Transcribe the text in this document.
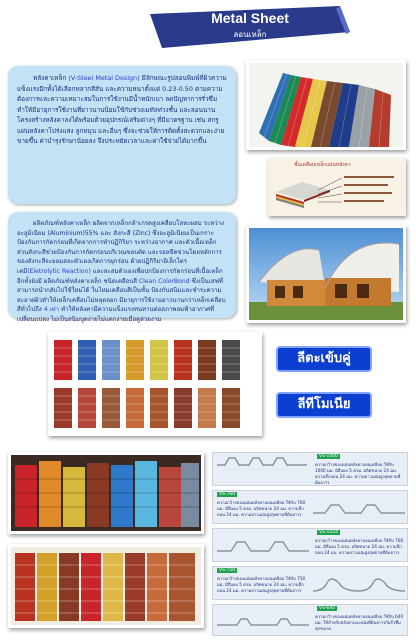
Metal Sheet
ลอนเหล็ก
หลังคาเหล็ก (V-Steel Metal Design) มีลักษณะรูปลอนพิมพ์ที่ผิวความแข็งแรงอีกทั้งได้เลือกหลากสีสัน และความหนาตั้งแต่ 0.23-0.50 ตามความต้องการและความเหมาะสมในการใช้งานมีน้ำหนักเบา ลดปัญหาการรั่วซึม ทำให้มีอายุการใช้งานที่ยาวนานนิยมใช้กับช่วงเมทัลท่วงชั้น และลอนนานโครงสร้างหลังคาลงได้พร้อมด้วยอุปกรณ์เสริมต่างๆ ที่มีมาตรฐาน เช่น สกรู แผ่นหลังคาโปร่งแสง ลูกหมุน และอื่นๆ ซึ่งจะช่วยให้การติดตั้งสะดวกและง่ายขายขึ้น ค่าบำรุงรักษาน้อยลง จึงประหยัดเวลาและค่าใช้จ่ายได้มากขึ้น
ชั้นเคลือบเหล็กแผ่นหลังคา
ผลิตภัณฑ์หลังคาเหล็ก ผลิตจากเหล็กกล้าเกรดสูงเคลือบโลหะผสม ระหว่าง อะลูมิเนียม (Aluminium)55% และ สังกะสี (Zinc) ซึ่งอะลูมิเนียมเป็นเกราะป้องกันการกัดกร่อนที่เกิดจากการทำปฏิกิริยา ระหว่างอากาศ และตัวเนื้อเหล็กส่วนสังกะสีช่วยป้องกันการกัดกร่อนบริเวณขอบตัด และรอยขีดข่วนโดยหลักการของสังกะสีจะยอมสละตัวเองเกิดการผุกร่อน ด้วยปฏิกิริยาอิเล็กโตรเคมี(Eletrolytic Reaction) และสะสมตัวเองเพื่อปกป้องการกัดกร่อนที่เนื้อเหล็กอีกทั้งยังมี ผลิตภัณฑ์หลังคาเหล็ก ชนิดเคลือบสี Clean ColorBond ซึ่งเป็นเสฟที่สามารถนำกลับไปใช้ใหม่ได้ ในไหมเคลือบสีเป็นชั้น ป้องกันสนิมและชำระความสะอาดผิวทำให้เหล็กเคลือบไม่หลุดลอก มีอายุการใช้งานยาวนานกว่าเหล็กเคลือบสีทั่วไปถึง 4 เท่า ทำให้หลังคามีความแข็งแรงทนทานต่อสภาพลมฟ้าอากาศที่เปลี่ยนแปลง ไม่เป็นสนิมบูดง่ายไม่แตกง่ายเมื่อดูสวยงาม
ลีตะเข้บคู่
ลีทีโมเนีย
VS-1000
ความกว้างของแผ่นหลังคาลอนเคลือบ ใช้กับ 1000 มม. มีสีแดง 5 ตรม. ผลิตขนาด 24 มม. ความลึกลอน 24 มม. ความยาวแผ่นสูงสุดตามที่ต้องการ
VS-760
ความกว้างของแผ่นหลังคาลอนเคลือบ ใช้กับ 760 มม. มีสีแดง 5 ตรม. ผลิตขนาด 24 มม. ความลึกลอน 24 มม. ความยาวแผ่นสูงสุดตามที่ต้องการ
VS-1024
ความกว้างของแผ่นหลังคาลอนเคลือบ ใช้กับ 760 มม. มีสีแดง 5 ตรม. ผลิตขนาด 24 มม. ความลึกลอน 24 มม. ความยาวแผ่นสูงสุดตามที่ต้องการ
VS-750
ความกว้างของแผ่นหลังคาลอนเคลือบ ใช้กับ 750 มม. มีสีแดง 5 ตรม. ผลิตขนาด 24 มม. ความลึกลอน 24 มม. ความยาวแผ่นสูงสุดตามที่ต้องการ
VS-640
ความกว้างของแผ่นหลังคาลอนเคลือบ ใช้กับ 640 มม. ใช้สำหรับหลังคาและผนังที่ต้องการกันรั่วซึมทุกขนาด
